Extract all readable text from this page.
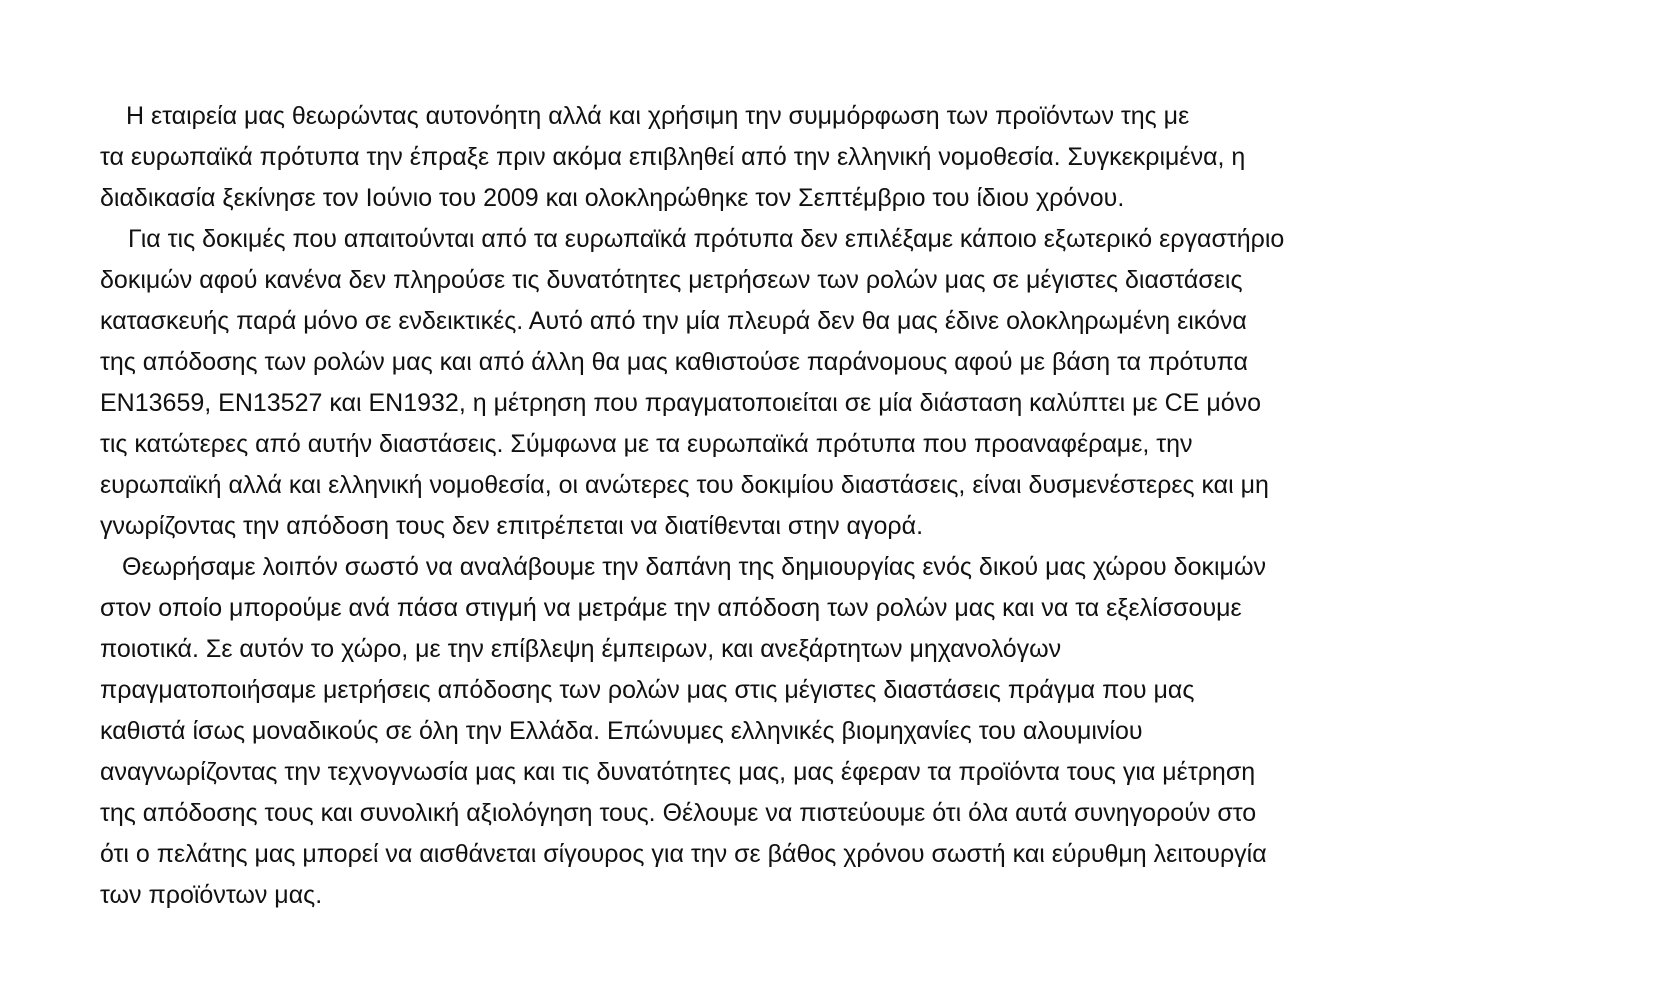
Η εταιρεία μας θεωρώντας αυτονόητη αλλά και χρήσιμη την συμμόρφωση των προϊόντων της με
τα ευρωπαϊκά πρότυπα την έπραξε πριν ακόμα επιβληθεί από την ελληνική νομοθεσία. Συγκεκριμένα, η
διαδικασία ξεκίνησε τον Ιούνιο του 2009 και ολοκληρώθηκε τον Σεπτέμβριο του ίδιου χρόνου.
Για τις δοκιμές που απαιτούνται από τα ευρωπαϊκά πρότυπα δεν επιλέξαμε κάποιο εξωτερικό εργαστήριο
δοκιμών αφού κανένα δεν πληρούσε τις δυνατότητες μετρήσεων των ρολών μας σε μέγιστες διαστάσεις
κατασκευής παρά μόνο σε ενδεικτικές. Αυτό από την μία πλευρά δεν θα μας έδινε ολοκληρωμένη εικόνα
της απόδοσης των ρολών μας και από άλλη θα μας καθιστούσε παράνομους αφού με βάση τα πρότυπα
ΕΝ13659, ΕΝ13527 και ΕΝ1932, η μέτρηση που πραγματοποιείται σε μία διάσταση καλύπτει με CE μόνο
τις κατώτερες από αυτήν διαστάσεις. Σύμφωνα με τα ευρωπαϊκά πρότυπα που προαναφέραμε, την
ευρωπαϊκή αλλά και ελληνική νομοθεσία, οι ανώτερες του δοκιμίου διαστάσεις, είναι δυσμενέστερες και μη
γνωρίζοντας την απόδοση τους δεν επιτρέπεται να διατίθενται στην αγορά.
Θεωρήσαμε λοιπόν σωστό να αναλάβουμε την δαπάνη της δημιουργίας ενός δικού μας χώρου δοκιμών
στον οποίο μπορούμε ανά πάσα στιγμή να μετράμε την απόδοση των ρολών μας και να τα εξελίσσουμε
ποιοτικά. Σε αυτόν το χώρο, με την επίβλεψη έμπειρων, και ανεξάρτητων μηχανολόγων
πραγματοποιήσαμε μετρήσεις απόδοσης των ρολών μας στις μέγιστες διαστάσεις πράγμα που μας
καθιστά ίσως μοναδικούς σε όλη την Ελλάδα. Επώνυμες ελληνικές βιομηχανίες του αλουμινίου
αναγνωρίζοντας την τεχνογνωσία μας και τις δυνατότητες μας, μας έφεραν τα προϊόντα τους για μέτρηση
της απόδοσης τους και συνολική αξιολόγηση τους. Θέλουμε να πιστεύουμε ότι όλα αυτά συνηγορούν στο
ότι ο πελάτης μας μπορεί να αισθάνεται σίγουρος για την σε βάθος χρόνου σωστή και εύρυθμη λειτουργία
των προϊόντων μας.
